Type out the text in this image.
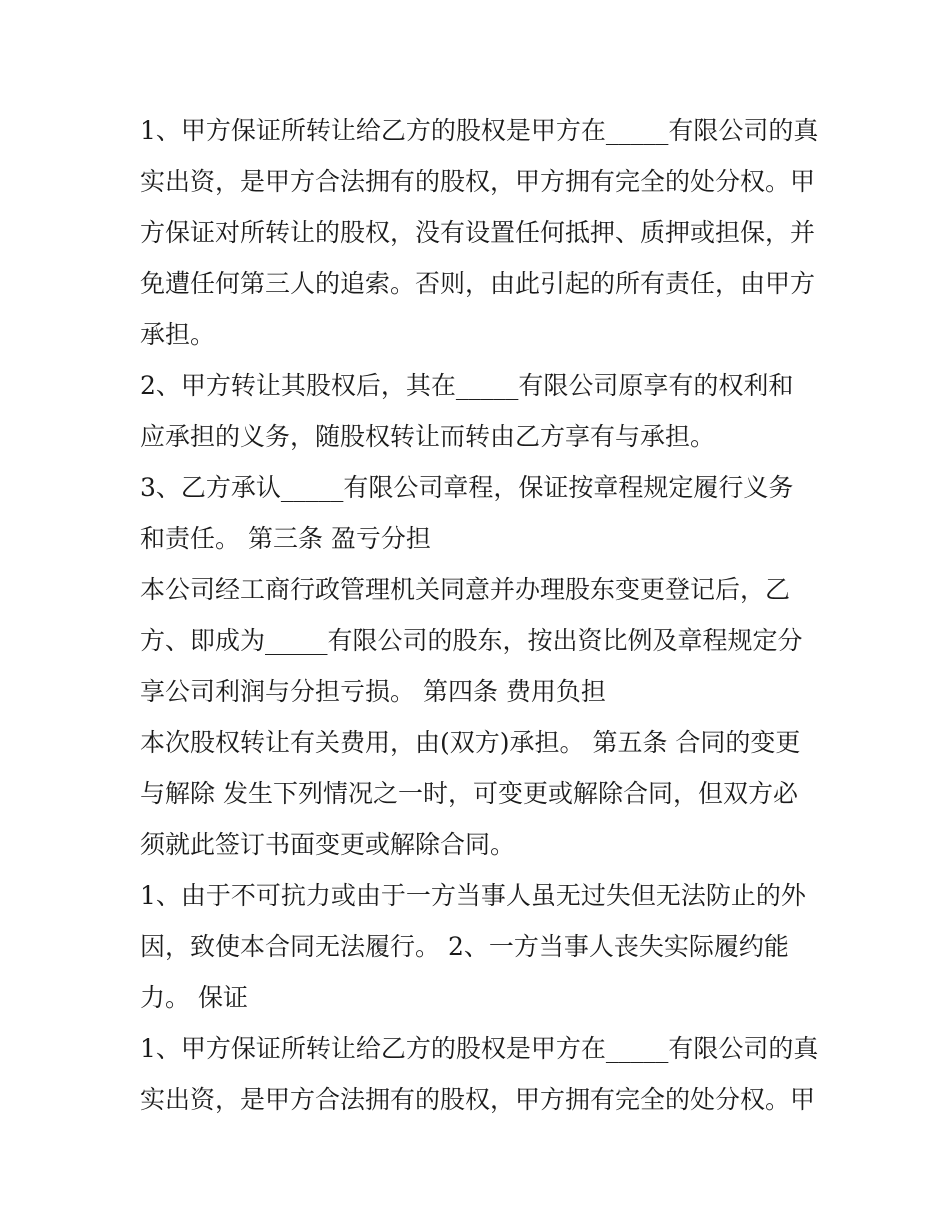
1、甲方保证所转让给乙方的股权是甲方在_____有限公司的真
实出资，是甲方合法拥有的股权，甲方拥有完全的处分权。甲
方保证对所转让的股权，没有设置任何抵押、质押或担保，并
免遭任何第三人的追索。否则，由此引起的所有责任，由甲方
承担。
2、甲方转让其股权后，其在_____有限公司原享有的权利和
应承担的义务，随股权转让而转由乙方享有与承担。
3、乙方承认_____有限公司章程，保证按章程规定履行义务
和责任。 第三条 盈亏分担
本公司经工商行政管理机关同意并办理股东变更登记后，乙
方、即成为_____有限公司的股东，按出资比例及章程规定分
享公司利润与分担亏损。 第四条 费用负担
本次股权转让有关费用，由(双方)承担。 第五条 合同的变更
与解除 发生下列情况之一时，可变更或解除合同，但双方必
须就此签订书面变更或解除合同。
1、由于不可抗力或由于一方当事人虽无过失但无法防止的外
因，致使本合同无法履行。 2、一方当事人丧失实际履约能
力。 保证
1、甲方保证所转让给乙方的股权是甲方在_____有限公司的真
实出资，是甲方合法拥有的股权，甲方拥有完全的处分权。甲
